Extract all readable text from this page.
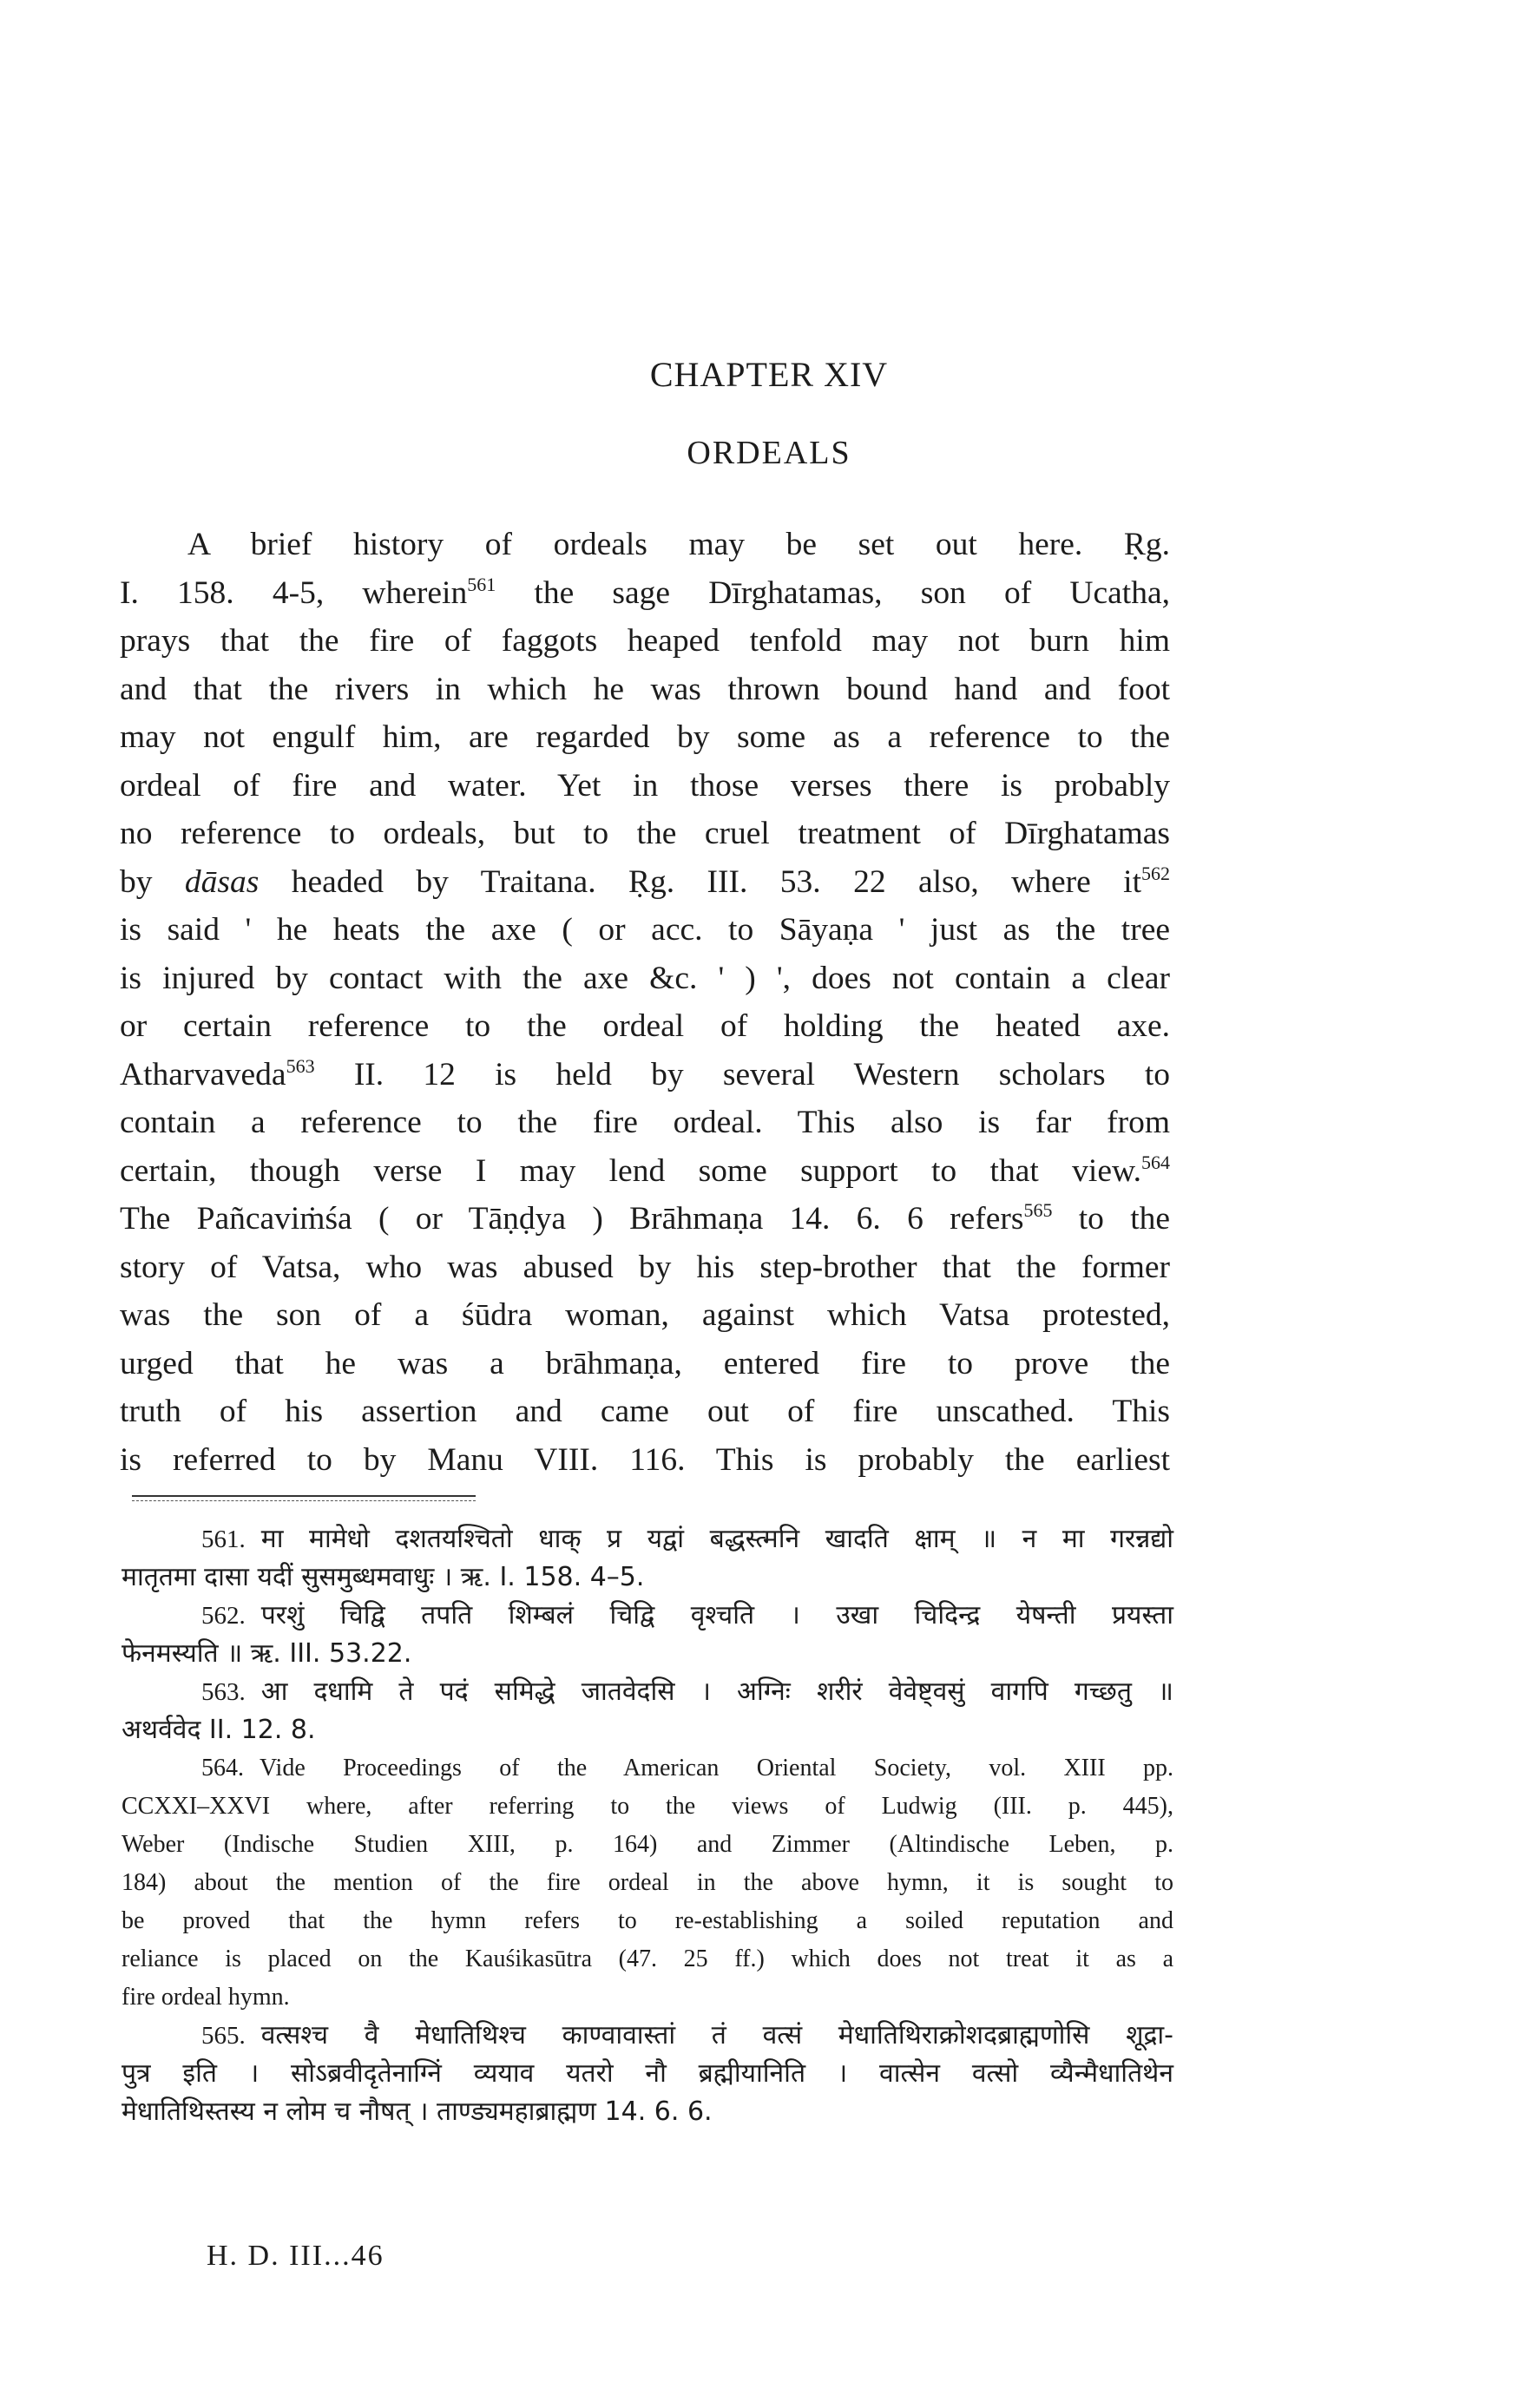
CHAPTER XIV
ORDEALS
A brief history of ordeals may be set out here. Ṛg.
I. 158. 4-5, wherein$^{561}$ the sage Dīrghatamas, son of Ucatha,
prays that the fire of faggots heaped tenfold may not burn him
and that the rivers in which he was thrown bound hand and foot
may not engulf him, are regarded by some as a reference to the
ordeal of fire and water. Yet in those verses there is probably
no reference to ordeals, but to the cruel treatment of Dīrghatamas
by dāsas headed by Traitana. Ṛg. III. 53. 22 also, where $it^{562}$
is said ' he heats the axe ( or acc. to Sāyaṇa ' just as the tree
is injured by contact with the axe &c. ' ) ', does not contain a clear
or certain reference to the ordeal of holding the heated axe.
Atharvaveda$^{563}$ II. 12 is held by several Western scholars to
contain a reference to the fire ordeal. This also is far from
certain, though verse I may lend some support to that view.$^{564}$
The Pañcaviṁśa ( or Tāṇḍya ) Brāhmaṇa 14. 6. 6 refers$^{565}$ to the
story of Vatsa, who was abused by his step-brother that the former
was the son of a śūdra woman, against which Vatsa protested,
urged that he was a brāhmaṇa, entered fire to prove the
truth of his assertion and came out of fire unscathed. This
is referred to by Manu VIII. 116. This is probably the earliest
561. मा मामेधो दशतयश्चितो धाक् प्र यद्वां बद्धस्त्मनि खादति क्षाम् ॥ न मा गरन्नद्यो
मातृतमा दासा यदीं सुसमुब्धमवाधुः । ऋ. I. 158. 4–5.
562. परशुं चिद्वि तपति शिम्बलं चिद्वि वृश्चति । उखा चिदिन्द्र येषन्ती प्रयस्ता
फेनमस्यति ॥ ऋ. III. 53.22.
563. आ दधामि ते पदं समिद्धे जातवेदसि । अग्निः शरीरं वेवेष्ट्वसुं वागपि गच्छतु ॥
अथर्ववेद II. 12. 8.
564. Vide Proceedings of the American Oriental Society, vol. XIII pp.
CCXXI–XXVI where, after referring to the views of Ludwig (III. p. 445),
Weber (Indische Studien XIII, p. 164) and Zimmer (Altindische Leben, p.
184) about the mention of the fire ordeal in the above hymn, it is sought to
be proved that the hymn refers to re-establishing a soiled reputation and
reliance is placed on the Kauśikasūtra (47. 25 ff.) which does not treat it as a
fire ordeal hymn.
565. वत्सश्च वै मेधातिथिश्च काण्वावास्तां तं वत्सं मेधातिथिराक्रोशदब्राह्मणोसि शूद्रा-
पुत्र इति । सोऽब्रवीदृतेनाग्निं व्ययाव यतरो नौ ब्रह्मीयानिति । वात्सेन वत्सो व्यैन्मैधातिथेन
मेधातिथिस्तस्य न लोम च नौषत् । ताण्ड्यमहाब्राह्मण 14. 6. 6.
H. D. III...46
